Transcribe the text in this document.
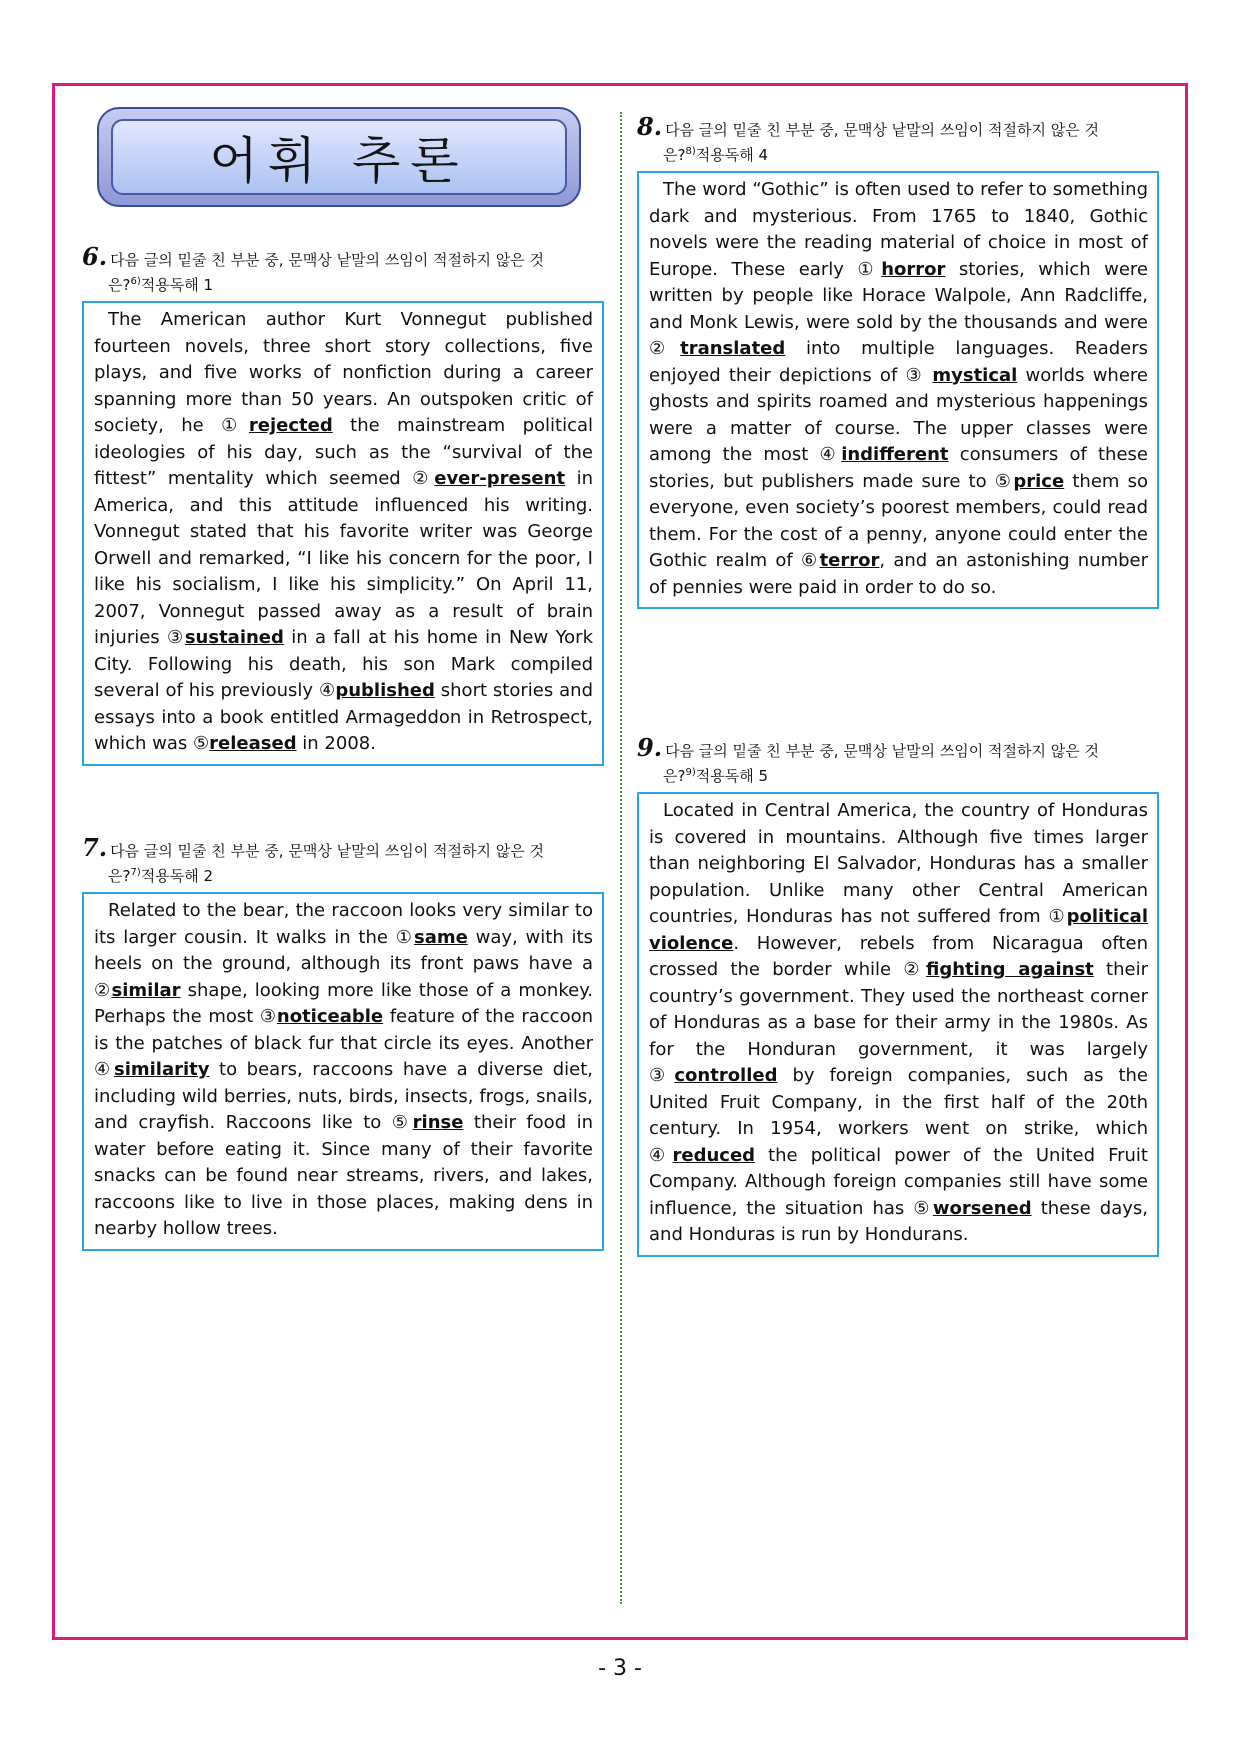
어휘 추론
6. 다음 글의 밑줄 친 부분 중, 문맥상 낱말의 쓰임이 적절하지 않은 것
은?$^{6)}$적용독해 1

The American author Kurt Vonnegut published fourteen novels, three short story collections, five plays, and five works of nonfiction during a career spanning more than 50 years. An outspoken critic of society, he ①rejected the mainstream political ideologies of his day, such as the “survival of the fittest” mentality which seemed ②ever-present in America, and this attitude influenced his writing. Vonnegut stated that his favorite writer was George Orwell and remarked, “I like his concern for the poor, I like his socialism, I like his simplicity.” On April 11, 2007, Vonnegut passed away as a result of brain injuries ③sustained in a fall at his home in New York City. Following his death, his son Mark compiled several of his previously ④published short stories and essays into a book entitled Armageddon in Retrospect, which was ⑤released in 2008.

7. 다음 글의 밑줄 친 부분 중, 문맥상 낱말의 쓰임이 적절하지 않은 것
은?$^{7)}$적용독해 2

Related to the bear, the raccoon looks very similar to its larger cousin. It walks in the ①same way, with its heels on the ground, although its front paws have a ②similar shape, looking more like those of a monkey. Perhaps the most ③noticeable feature of the raccoon is the patches of black fur that circle its eyes. Another ④similarity to bears, raccoons have a diverse diet, including wild berries, nuts, birds, insects, frogs, snails, and crayfish. Raccoons like to ⑤rinse their food in water before eating it. Since many of their favorite snacks can be found near streams, rivers, and lakes, raccoons like to live in those places, making dens in nearby hollow trees.

8. 다음 글의 밑줄 친 부분 중, 문맥상 낱말의 쓰임이 적절하지 않은 것
은?$^{8)}$적용독해 4

The word “Gothic” is often used to refer to something dark and mysterious. From 1765 to 1840, Gothic novels were the reading material of choice in most of Europe. These early ①horror stories, which were written by people like Horace Walpole, Ann Radcliffe, and Monk Lewis, were sold by the thousands and were ②translated into multiple languages. Readers enjoyed their depictions of ③ mystical worlds where ghosts and spirits roamed and mysterious happenings were a matter of course. The upper classes were among the most ④indifferent consumers of these stories, but publishers made sure to ⑤price them so everyone, even society’s poorest members, could read them. For the cost of a penny, anyone could enter the Gothic realm of ⑥terror, and an astonishing number of pennies were paid in order to do so.

9. 다음 글의 밑줄 친 부분 중, 문맥상 낱말의 쓰임이 적절하지 않은 것
은?$^{9)}$적용독해 5

Located in Central America, the country of Honduras is covered in mountains. Although five times larger than neighboring El Salvador, Honduras has a smaller population. Unlike many other Central American countries, Honduras has not suffered from ①political violence. However, rebels from Nicaragua often crossed the border while ②fighting against their country’s government. They used the northeast corner of Honduras as a base for their army in the 1980s. As for the Honduran government, it was largely ③controlled by foreign companies, such as the United Fruit Company, in the first half of the 20th century. In 1954, workers went on strike, which ④reduced the political power of the United Fruit Company. Although foreign companies still have some influence, the situation has ⑤worsened these days, and Honduras is run by Hondurans.

- 3 -
